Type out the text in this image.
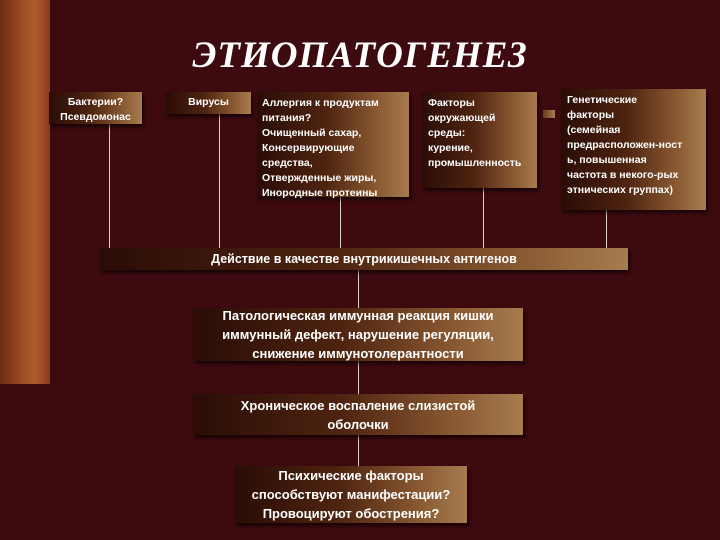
ЭТИОПАТОГЕНЕЗ
Бактерии?
Псевдомонас
Вирусы	Аллергия к продуктам
питания?
Очищенный сахар,
Консервирующие
средства,
Отвержденные жиры,
Инородные протеины
Факторы
окружающей
среды:
курение,
промышленность
Генетические
факторы
(семейная
предрасположен-ност
ь, повышенная
частота в некого-рых
этнических группах)
Действие в качестве внутрикишечных антигенов
Патологическая иммунная реакция кишки
иммунный дефект, нарушение регуляции,
снижение иммунотолерантности
Хроническое воспаление слизистой
оболочки
Психические факторы
способствуют манифестации?
Провоцируют обострения?
